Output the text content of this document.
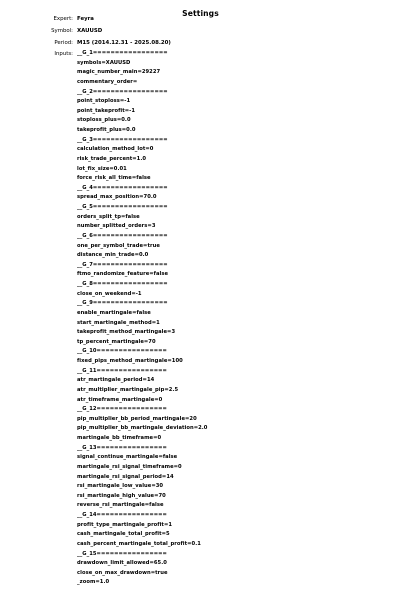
Settings
Expert: Feyra
Symbol: XAUUSD
Period: M15 (2014.12.31 - 2025.08.20)
Inputs: __G_1=================
symbols=XAUUSD
magic_number_main=29227
commentary_order=
__G_2=================
point_stoploss=-1
point_takeprofit=-1
stoploss_plus=0.0
takeprofit_plus=0.0
__G_3=================
calculation_method_lot=0
risk_trade_percent=1.0
lot_fix_size=0.01
force_risk_all_time=false
__G_4=================
spread_max_position=70.0
__G_5=================
orders_split_tp=false
number_splitted_orders=3
__G_6=================
one_per_symbol_trade=true
distance_min_trade=0.0
__G_7=================
ftmo_randomize_feature=false
__G_8=================
close_on_weekend=-1
__G_9=================
enable_martingale=false
start_martingale_method=1
takeprofit_method_martingale=3
tp_percent_martingale=70
__G_10================
fixed_pips_method_martingale=100
__G_11================
atr_martingale_period=14
atr_multiplier_martingale_pip=2.5
atr_timeframe_martingale=0
__G_12================
pip_multiplier_bb_period_martingale=20
pip_multiplier_bb_martingale_deviation=2.0
martingale_bb_timeframe=0
__G_13================
signal_continue_martingale=false
martingale_rsi_signal_timeframe=0
martingale_rsi_signal_period=14
rsi_martingale_low_value=30
rsi_martingale_high_value=70
reverse_rsi_martingale=false
__G_14================
profit_type_martingale_profit=1
cash_martingale_total_profit=5
cash_percent_martingale_total_profit=0.1
__G_15================
drawdown_limit_allowed=65.0
close_on_max_drawdown=true
_zoom=1.0
